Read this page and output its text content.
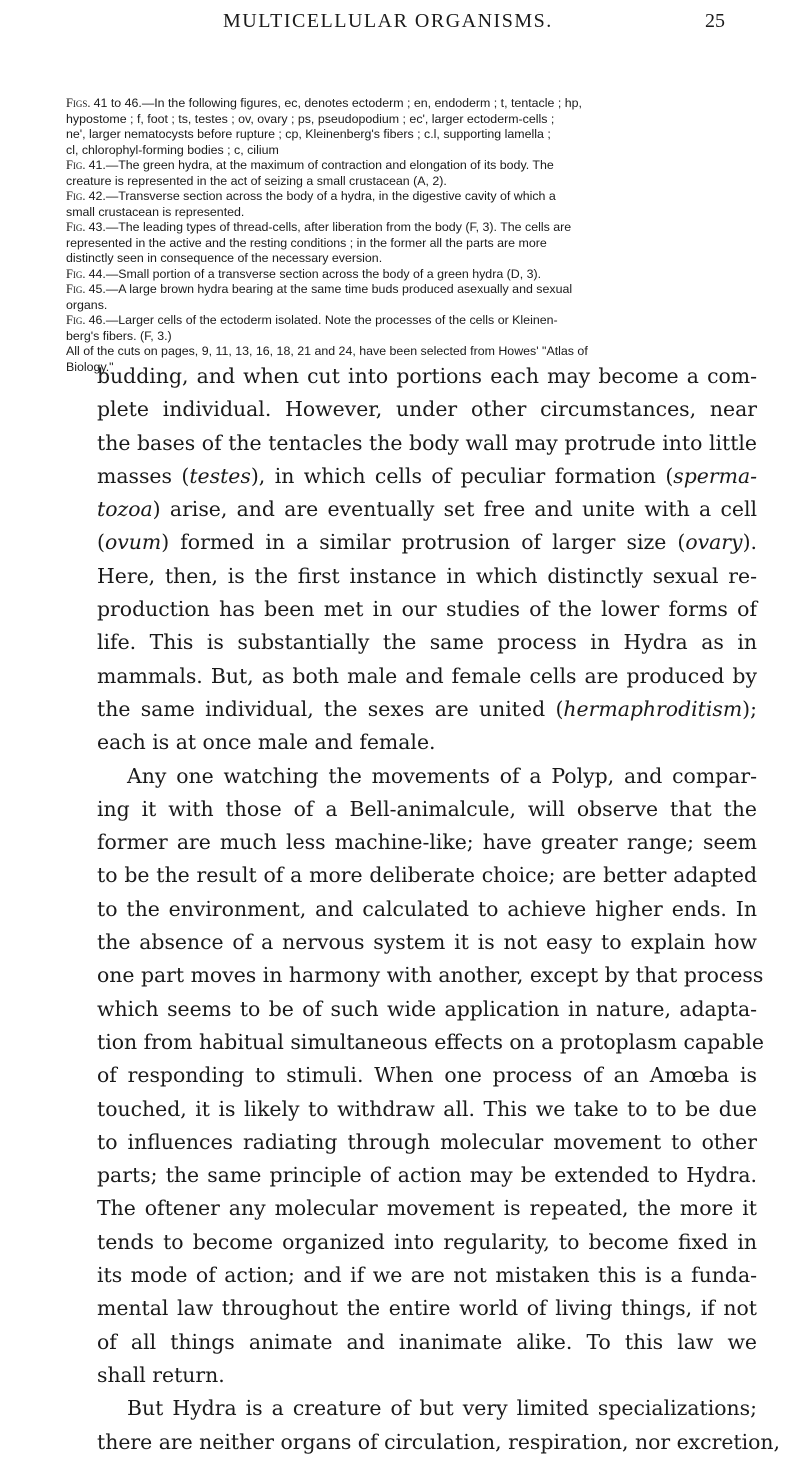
MULTICELLULAR ORGANISMS.	25

Figs. 41 to 46.—In the following figures, ec, denotes ectoderm ; en, endoderm ; t, tentacle ; hp,
hypostome ; f, foot ; ts, testes ; ov, ovary ; ps, pseudopodium ; ec', larger ectoderm-cells ;
ne', larger nematocysts before rupture ; cp, Kleinenberg's fibers ; c.l, supporting lamella ;
cl, chlorophyl-forming bodies ; c, cilium

Fig. 41.—The green hydra, at the maximum of contraction and elongation of its body. The
creature is represented in the act of seizing a small crustacean (A, 2).

Fig. 42.—Transverse section across the body of a hydra, in the digestive cavity of which a
small crustacean is represented.

Fig. 43.—The leading types of thread-cells, after liberation from the body (F, 3). The cells are
represented in the active and the resting conditions ; in the former all the parts are more
distinctly seen in consequence of the necessary eversion.

Fig. 44.—Small portion of a transverse section across the body of a green hydra (D, 3).

Fig. 45.—A large brown hydra bearing at the same time buds produced asexually and sexual
organs.

Fig. 46.—Larger cells of the ectoderm isolated. Note the processes of the cells or Kleinen-
berg's fibers. (F, 3.)

All of the cuts on pages, 9, 11, 13, 16, 18, 21 and 24, have been selected from Howes' "Atlas of
Biology."

budding, and when cut into portions each may become a com-
plete individual. However, under other circumstances, near
the bases of the tentacles the body wall may protrude into little
masses (testes), in which cells of peculiar formation (sperma-
tozoa) arise, and are eventually set free and unite with a cell
(ovum) formed in a similar protrusion of larger size (ovary).
Here, then, is the first instance in which distinctly sexual re-
production has been met in our studies of the lower forms of
life. This is substantially the same process in Hydra as in
mammals. But, as both male and female cells are produced by
the same individual, the sexes are united (hermaphroditism);
each is at once male and female.

Any one watching the movements of a Polyp, and compar-
ing it with those of a Bell-animalcule, will observe that the
former are much less machine-like; have greater range; seem
to be the result of a more deliberate choice; are better adapted
to the environment, and calculated to achieve higher ends. In
the absence of a nervous system it is not easy to explain how
one part moves in harmony with another, except by that process
which seems to be of such wide application in nature, adapta-
tion from habitual simultaneous effects on a protoplasm capable
of responding to stimuli. When one process of an Amœba is
touched, it is likely to withdraw all. This we take to to be due
to influences radiating through molecular movement to other
parts; the same principle of action may be extended to Hydra.
The oftener any molecular movement is repeated, the more it
tends to become organized into regularity, to become fixed in
its mode of action; and if we are not mistaken this is a funda-
mental law throughout the entire world of living things, if not
of all things animate and inanimate alike. To this law we
shall return.

But Hydra is a creature of but very limited specializations;
there are neither organs of circulation, respiration, nor excretion,
